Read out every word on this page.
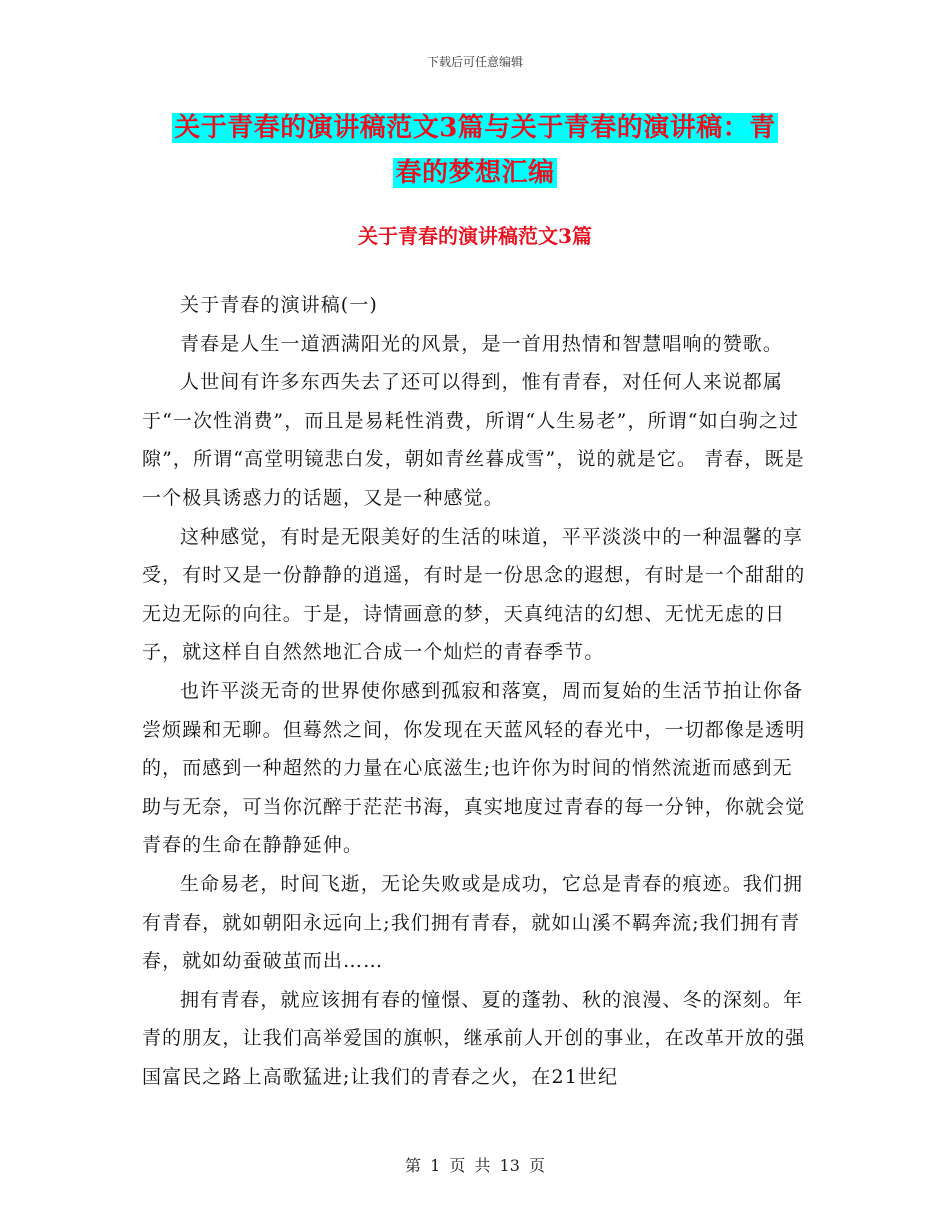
下载后可任意编辑
关于青春的演讲稿范文3篇与关于青春的演讲稿：青
春的梦想汇编
关于青春的演讲稿范文3篇

关于青春的演讲稿(一)

青春是人生一道洒满阳光的风景，是一首用热情和智慧唱响的赞歌。

人世间有许多东西失去了还可以得到，惟有青春，对任何人来说都属于“一次性消费”，而且是易耗性消费，所谓“人生易老”，所谓“如白驹之过隙”，所谓“高堂明镜悲白发，朝如青丝暮成雪”，说的就是它。 青春，既是一个极具诱惑力的话题，又是一种感觉。

这种感觉，有时是无限美好的生活的味道，平平淡淡中的一种温馨的享受，有时又是一份静静的逍遥，有时是一份思念的遐想，有时是一个甜甜的无边无际的向往。于是，诗情画意的梦，天真纯洁的幻想、无忧无虑的日子，就这样自自然然地汇合成一个灿烂的青春季节。

也许平淡无奇的世界使你感到孤寂和落寞，周而复始的生活节拍让你备尝烦躁和无聊。但蓦然之间，你发现在天蓝风轻的春光中，一切都像是透明的，而感到一种超然的力量在心底滋生;也许你为时间的悄然流逝而感到无助与无奈，可当你沉醉于茫茫书海，真实地度过青春的每一分钟，你就会觉青春的生命在静静延伸。

生命易老，时间飞逝，无论失败或是成功，它总是青春的痕迹。我们拥有青春，就如朝阳永远向上;我们拥有青春，就如山溪不羁奔流;我们拥有青春，就如幼蚕破茧而出……

拥有青春，就应该拥有春的憧憬、夏的蓬勃、秋的浪漫、冬的深刻。年青的朋友，让我们高举爱国的旗帜，继承前人开创的事业，在改革开放的强国富民之路上高歌猛进;让我们的青春之火，在21世纪

第 1 页 共 13 页
